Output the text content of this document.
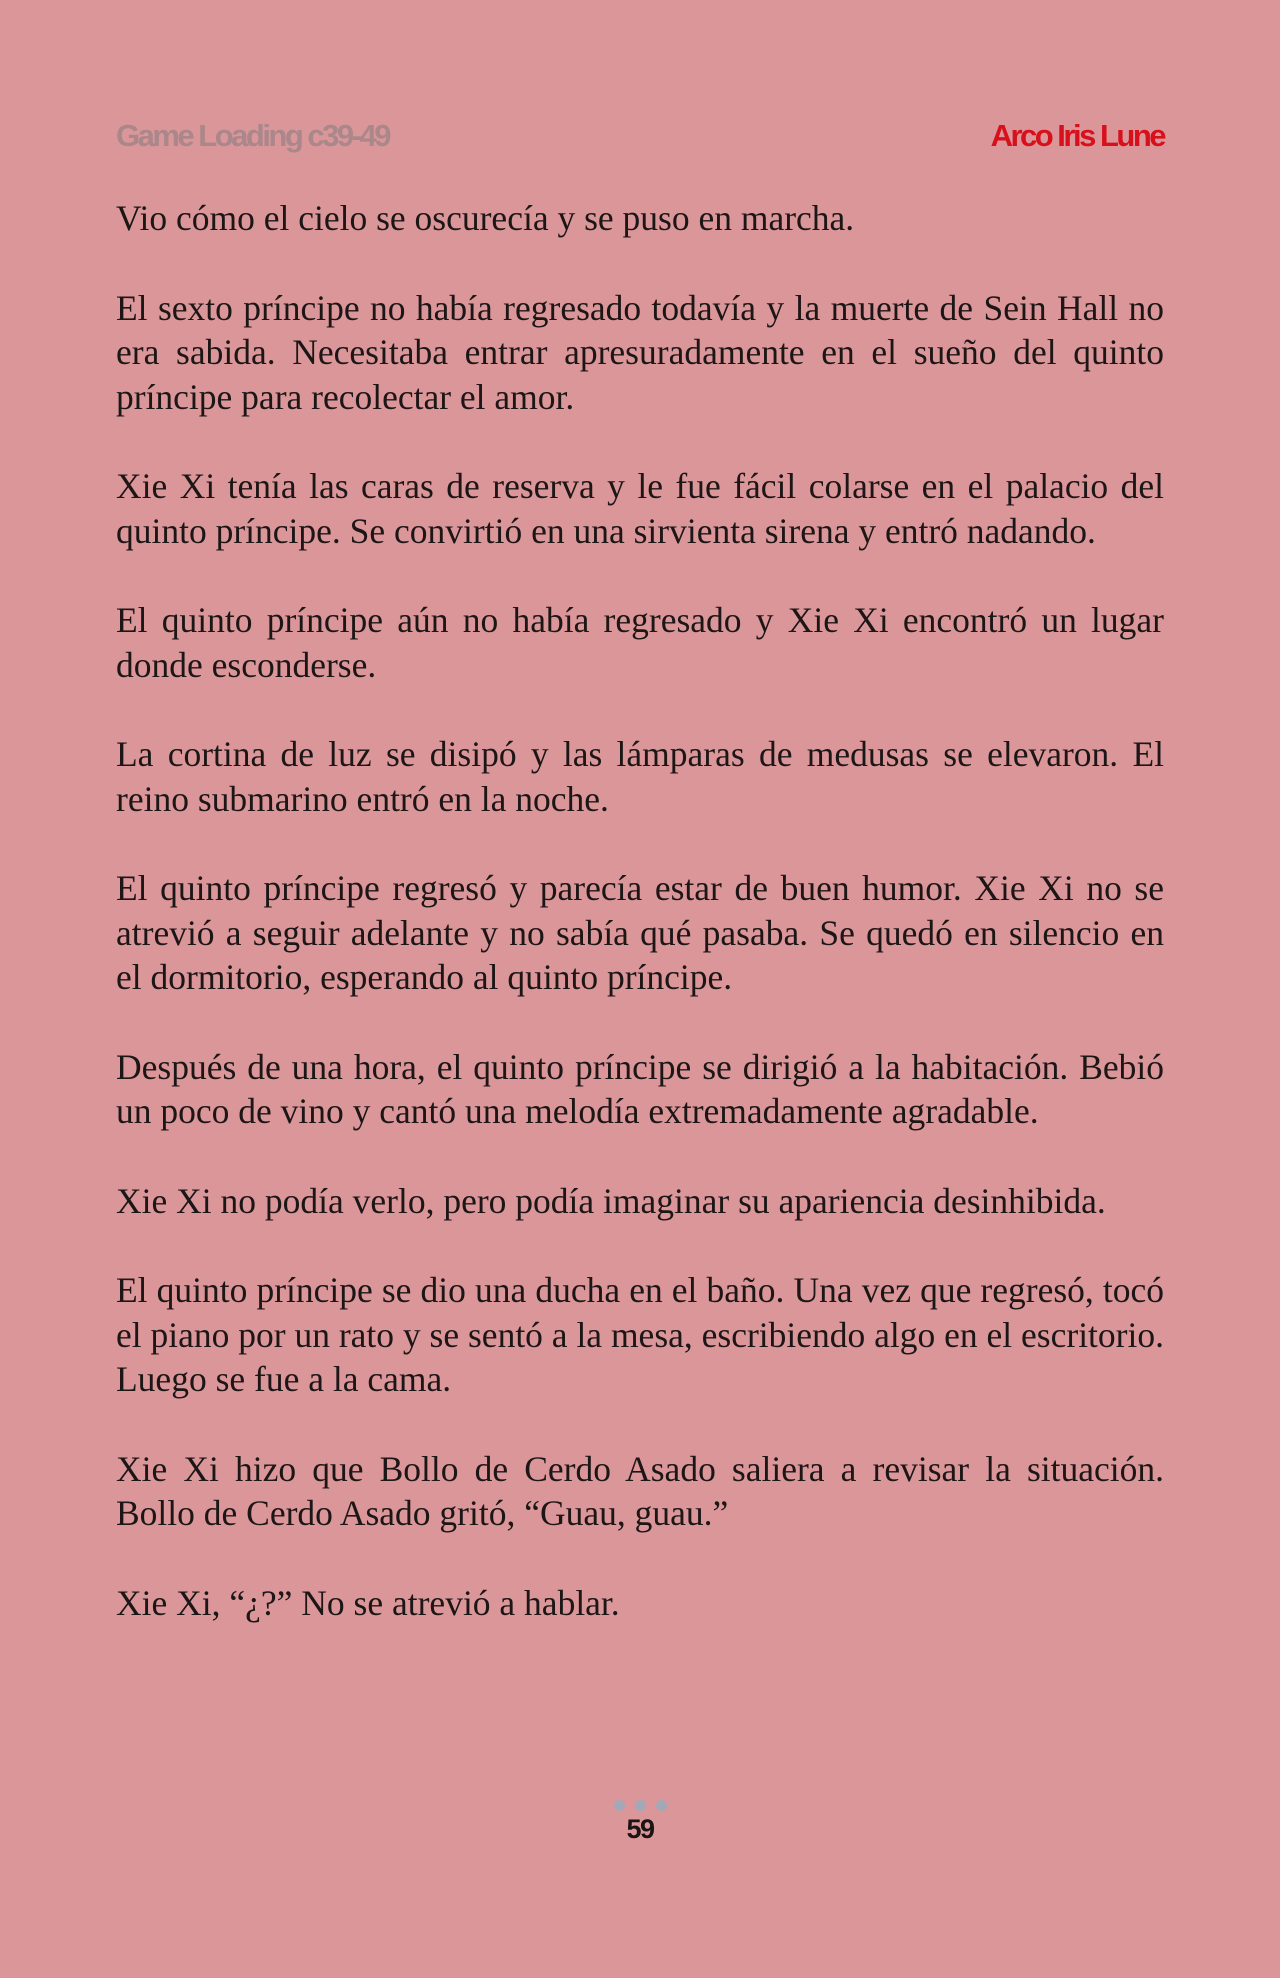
Game Loading c39-49	Arco Iris Lune

Vio cómo el cielo se oscurecía y se puso en marcha.

El sexto príncipe no había regresado todavía y la muerte de Sein Hall no era sabida. Necesitaba entrar apresuradamente en el sueño del quinto príncipe para recolectar el amor.

Xie Xi tenía las caras de reserva y le fue fácil colarse en el palacio del quinto príncipe. Se convirtió en una sirvienta sirena y entró nadando.

El quinto príncipe aún no había regresado y Xie Xi encontró un lugar donde esconderse.

La cortina de luz se disipó y las lámparas de medusas se elevaron. El reino submarino entró en la noche.

El quinto príncipe regresó y parecía estar de buen humor. Xie Xi no se atrevió a seguir adelante y no sabía qué pasaba. Se quedó en silencio en el dormitorio, esperando al quinto príncipe.

Después de una hora, el quinto príncipe se dirigió a la habitación. Bebió un poco de vino y cantó una melodía extremadamente agradable.

Xie Xi no podía verlo, pero podía imaginar su apariencia desinhibida.

El quinto príncipe se dio una ducha en el baño. Una vez que regresó, tocó el piano por un rato y se sentó a la mesa, escribiendo algo en el escritorio. Luego se fue a la cama.

Xie Xi hizo que Bollo de Cerdo Asado saliera a revisar la situación. Bollo de Cerdo Asado gritó, “Guau, guau.”

Xie Xi, “¿?” No se atrevió a hablar.

59
